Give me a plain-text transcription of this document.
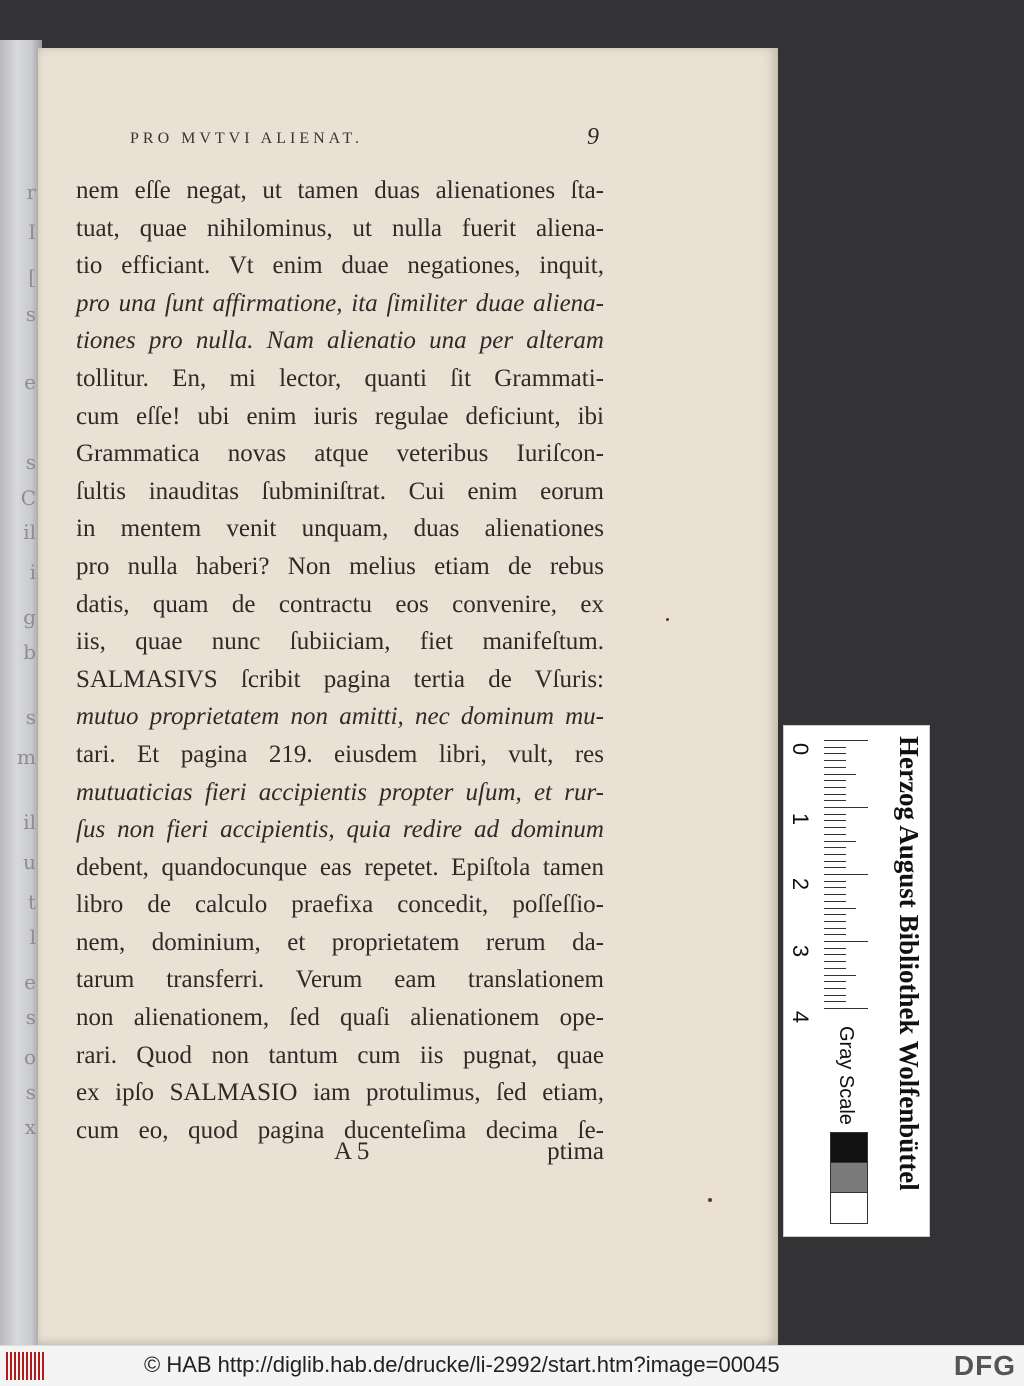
r
I
[
s
e
s
C
il
i
g
b
s
m
il
u
t
l
e
s
o
s
x
PRO MVTVI ALIENAT.	9
nem eſſe negat, ut tamen duas alienationes ſta-
tuat, quae nihilominus, ut nulla fuerit aliena-
tio efficiant. Vt enim duae negationes, inquit,
pro una ſunt affirmatione, ita ſimiliter duae aliena-
tiones pro nulla. Nam alienatio una per alteram
tollitur. En, mi lector, quanti ſit Grammati-
cum eſſe! ubi enim iuris regulae deficiunt, ibi
Grammatica novas atque veteribus Iuriſcon-
ſultis inauditas ſubminiſtrat. Cui enim eorum
in mentem venit unquam, duas alienationes
pro nulla haberi? Non melius etiam de rebus
datis, quam de contractu eos convenire, ex
iis, quae nunc ſubiiciam, fiet manifeſtum.
SALMASIVS ſcribit pagina tertia de Vſuris:
mutuo proprietatem non amitti, nec dominum mu-
tari. Et pagina 219. eiusdem libri, vult, res
mutuaticias fieri accipientis propter uſum, et rur-
ſus non fieri accipientis, quia redire ad dominum
debent, quandocunque eas repetet. Epiſtola tamen
libro de calculo praefixa concedit, poſſeſſio-
nem, dominium, et proprietatem rerum da-
tarum transferri. Verum eam translationem
non alienationem, ſed quaſi alienationem ope-
rari. Quod non tantum cum iis pugnat, quae
ex ipſo SALMASIO iam protulimus, ſed etiam,
cum eo, quod pagina ducenteſima decima ſe-
A 5	ptima
0
1
2
3
4
Gray Scale	Herzog August Bibliothek Wolfenbüttel
© HAB http://diglib.hab.de/drucke/li-2992/start.htm?image=00045	DFG
